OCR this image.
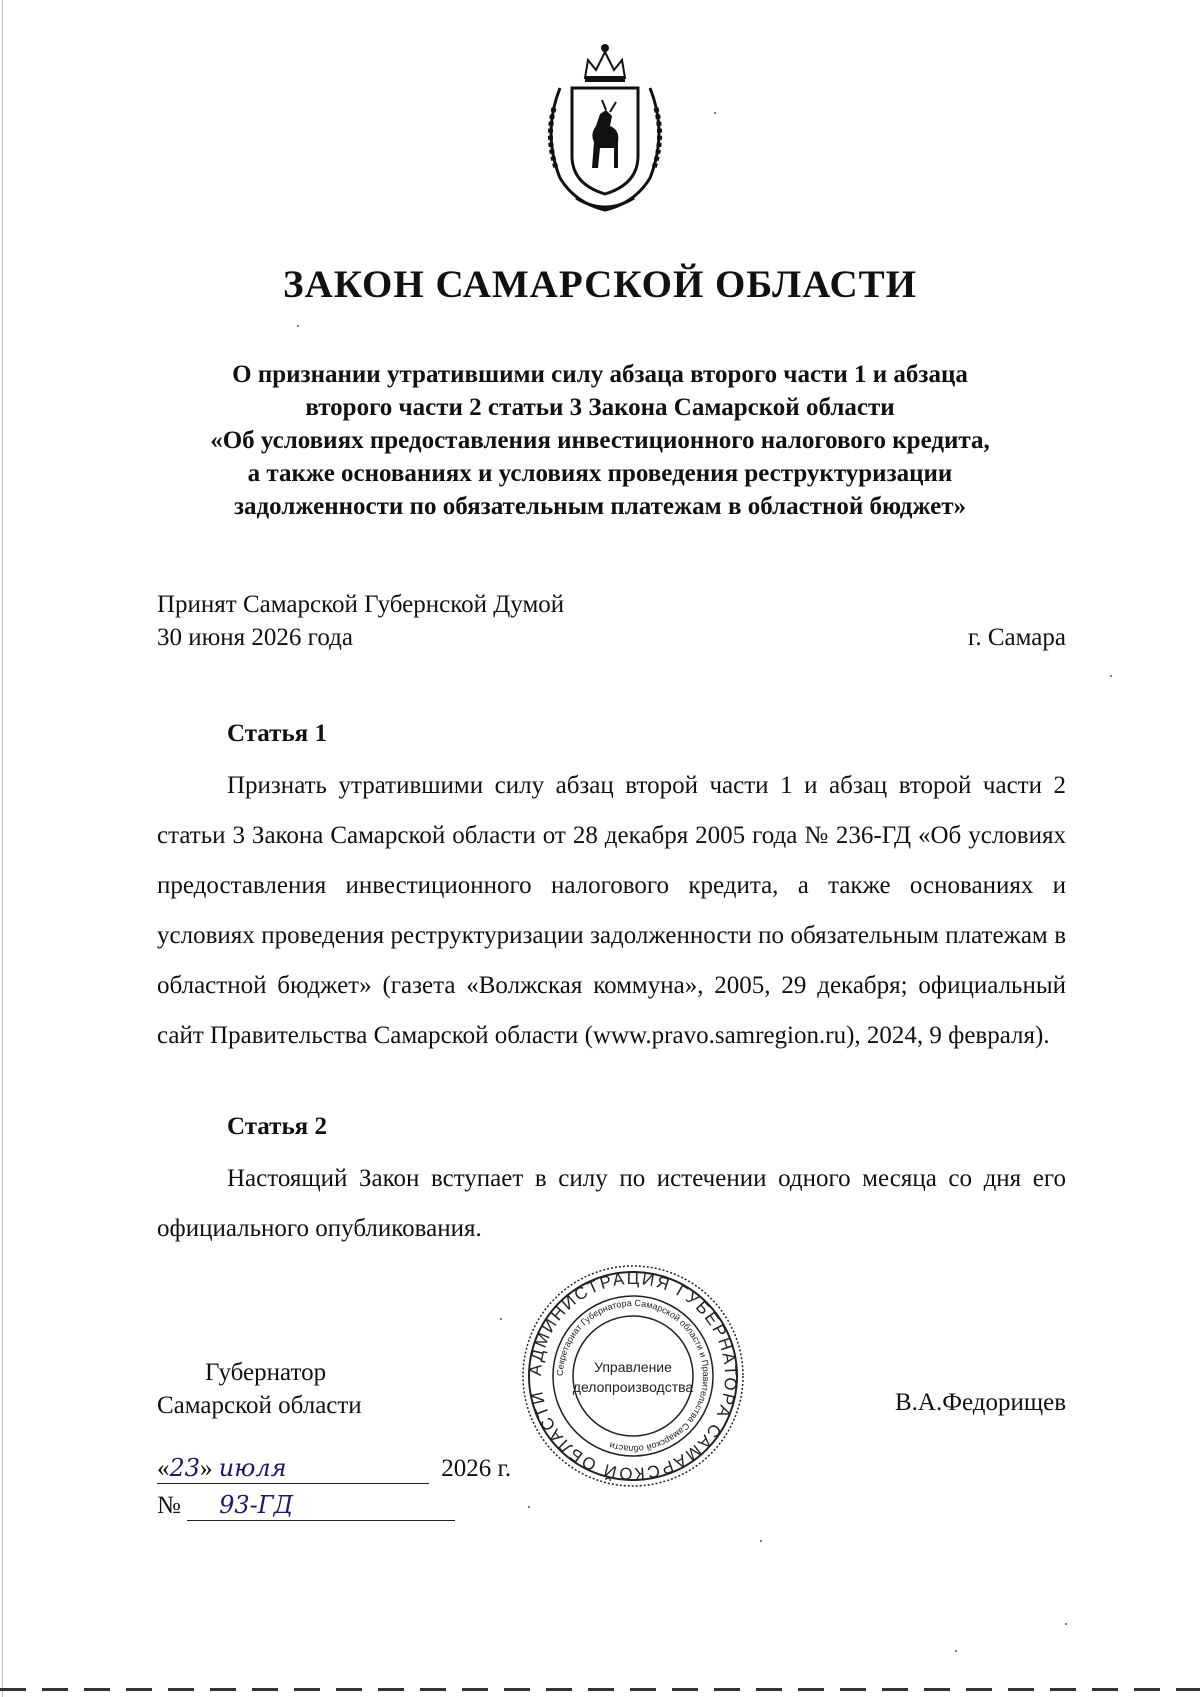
ЗАКОН САМАРСКОЙ ОБЛАСТИ
О признании утратившими силу абзаца второго части 1 и абзаца
второго части 2 статьи 3 Закона Самарской области
«Об условиях предоставления инвестиционного налогового кредита,
а также основаниях и условиях проведения реструктуризации
задолженности по обязательным платежам в областной бюджет»
Принят Самарской Губернской Думой
30 июня 2026 года	г. Самара
Статья 1

Признать утратившими силу абзац второй части 1 и абзац второй части 2 статьи 3 Закона Самарской области от 28 декабря 2005 года № 236-ГД «Об условиях предоставления инвестиционного налогового кредита, а также основаниях и условиях проведения реструктуризации задолженности по обязательным платежам в областной бюджет» (газета «Волжская коммуна», 2005, 29 декабря; официальный сайт Правительства Самарской области (www.pravo.samregion.ru), 2024, 9 февраля).

Статья 2

Настоящий Закон вступает в силу по истечении одного месяца со дня его официального опубликования.

Губернатор
Самарской области	В.А.Федорищев
АДМИНИСТРАЦИЯ ГУБЕРНАТОРА САМАРСКОЙ ОБЛАСТИ
Секретариат Губернатора Самарской области и Правительства Самарской области
Управление
делопроизводства
«23» июля	2026 г.
№ 93-ГД
